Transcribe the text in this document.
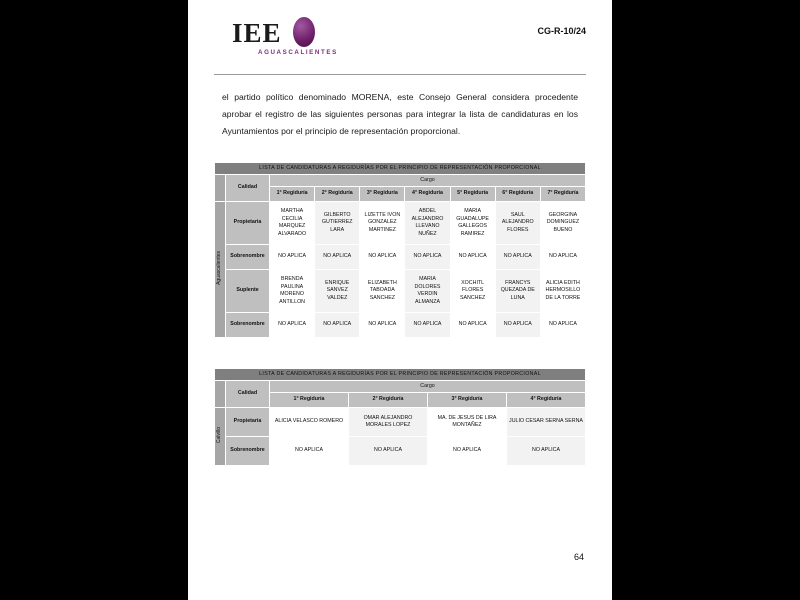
IEE
AGUASCALIENTES
CG-R-10/24
el partido político denominado MORENA, este Consejo General considera procedente aprobar el registro de las siguientes personas para integrar la lista de candidaturas en los Ayuntamientos por el principio de representación proporcional.
LISTA DE CANDIDATURAS A REGIDURÍAS POR EL PRINCIPIO DE REPRESENTACIÓN PROPORCIONAL								
	Calidad	Cargo						
		1° Regiduría	2° Regiduría	3° Regiduría	4° Regiduría	5° Regiduría	6° Regiduría	7° Regiduría
Aguascalientes	Propietaria	MARTHA CECILIA MARQUEZ ALVARADO	GILBERTO GUTIERREZ LARA	LIZETTE IVON GONZALEZ MARTINEZ	ABDEL ALEJANDRO LLEVANO NUÑEZ	MARIA GUADALUPE GALLEGOS RAMIREZ	SAUL ALEJANDRO FLORES	GEORGINA DOMINGUEZ BUENO
	Sobrenombre	NO APLICA	NO APLICA	NO APLICA	NO APLICA	NO APLICA	NO APLICA	NO APLICA
	Suplente	BRENDA PAULINA MORENO ANTILLON	ENRIQUE SANVEZ VALDEZ	ELIZABETH TABOADA SANCHEZ	MARIA DOLORES VERDIN ALMANZA	XOCHITL FLORES SANCHEZ	FRANCYS QUEZADA DE LUNA	ALICIA EDITH HERMOSILLO DE LA TORRE
	Sobrenombre	NO APLICA	NO APLICA	NO APLICA	NO APLICA	NO APLICA	NO APLICA	NO APLICA
LISTA DE CANDIDATURAS A REGIDURÍAS POR EL PRINCIPIO DE REPRESENTACIÓN PROPORCIONAL					
	Calidad	Cargo			
		1° Regiduría	2° Regiduría	3° Regiduría	4° Regiduría
Calvillo	Propietaria	ALICIA VELASCO ROMERO	OMAR ALEJANDRO MORALES LOPEZ	MA. DE JESUS DE LIRA MONTAÑEZ	JULIO CESAR SERNA SERNA
	Sobrenombre	NO APLICA	NO APLICA	NO APLICA	NO APLICA
64
